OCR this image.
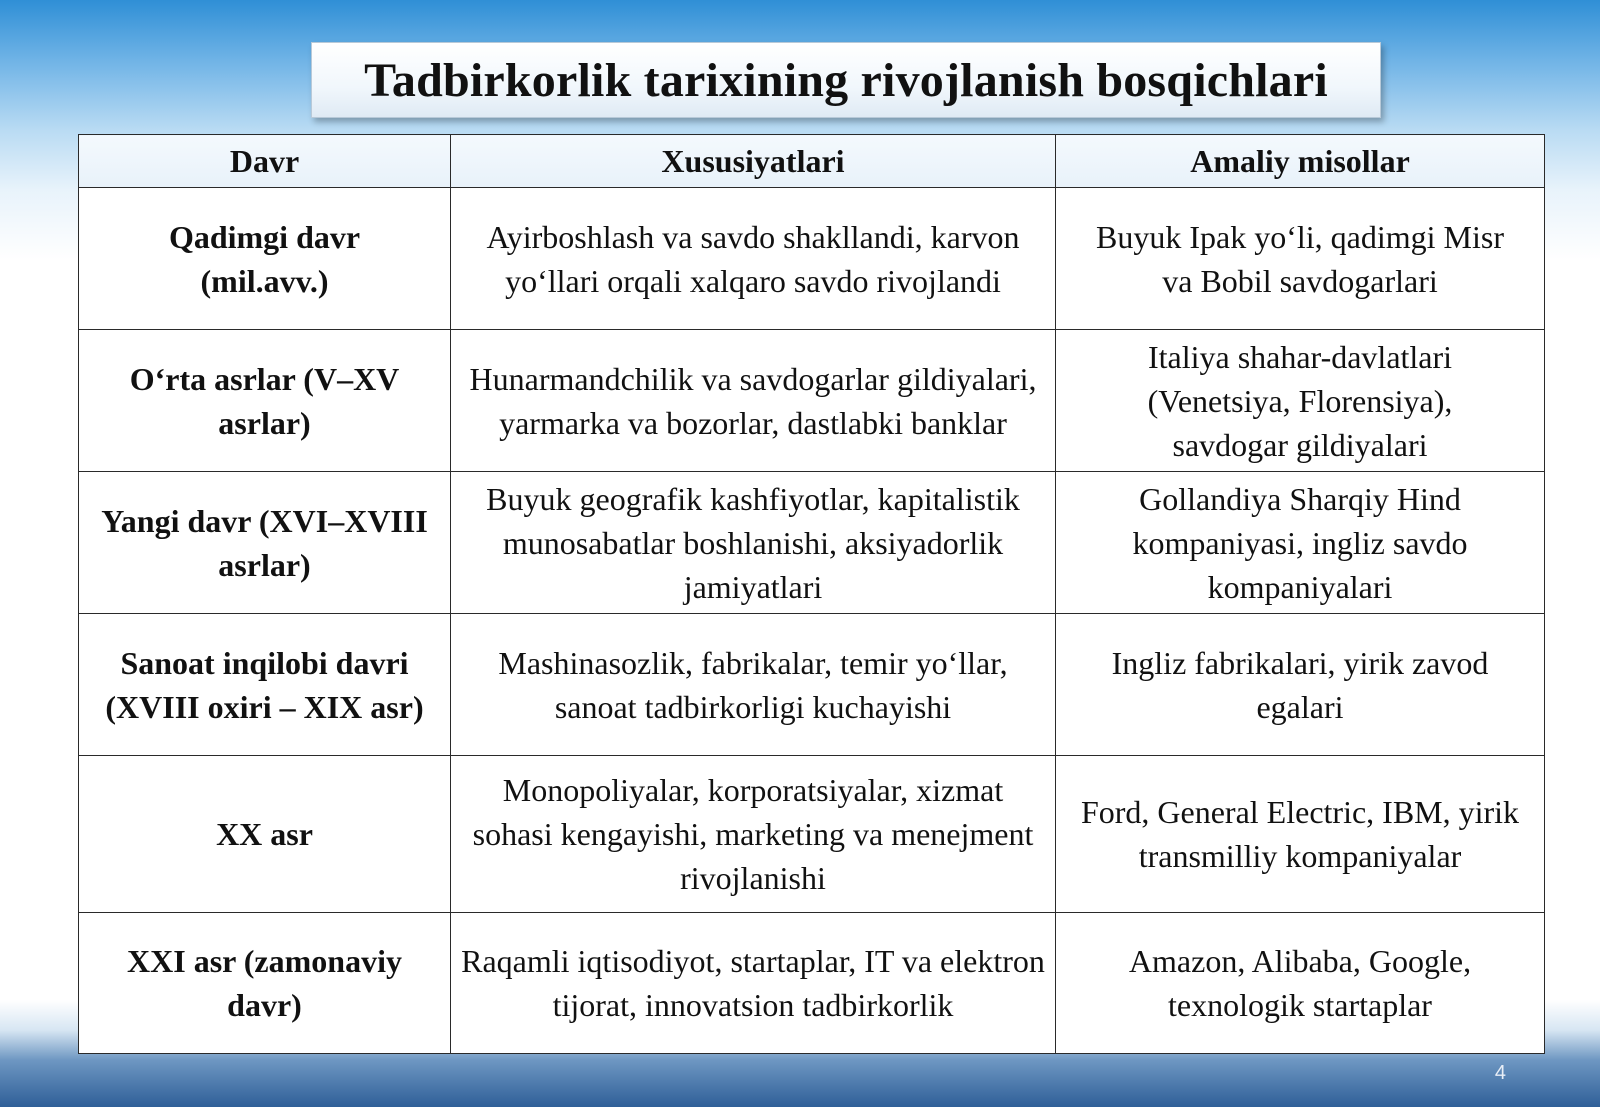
Tadbirkorlik tarixining rivojlanish bosqichlari
Davr	Xususiyatlari	Amaliy misollar
Qadimgi davr (mil.avv.)	Ayirboshlash va savdo shakllandi, karvon yo‘llari orqali xalqaro savdo rivojlandi	Buyuk Ipak yo‘li, qadimgi Misr va Bobil savdogarlari
O‘rta asrlar (V–XV asrlar)	Hunarmandchilik va savdogarlar gildiyalari, yarmarka va bozorlar, dastlabki banklar	Italiya shahar-davlatlari (Venetsiya, Florensiya), savdogar gildiyalari
Yangi davr (XVI–XVIII asrlar)	Buyuk geografik kashfiyotlar, kapitalistik munosabatlar boshlanishi, aksiyadorlik jamiyatlari	Gollandiya Sharqiy Hind kompaniyasi, ingliz savdo kompaniyalari
Sanoat inqilobi davri (XVIII oxiri – XIX asr)	Mashinasozlik, fabrikalar, temir yo‘llar, sanoat tadbirkorligi kuchayishi	Ingliz fabrikalari, yirik zavod egalari
XX asr	Monopoliyalar, korporatsiyalar, xizmat sohasi kengayishi, marketing va menejment rivojlanishi	Ford, General Electric, IBM, yirik transmilliy kompaniyalar
XXI asr (zamonaviy davr)	Raqamli iqtisodiyot, startaplar, IT va elektron tijorat, innovatsion tadbirkorlik	Amazon, Alibaba, Google, texnologik startaplar
4
